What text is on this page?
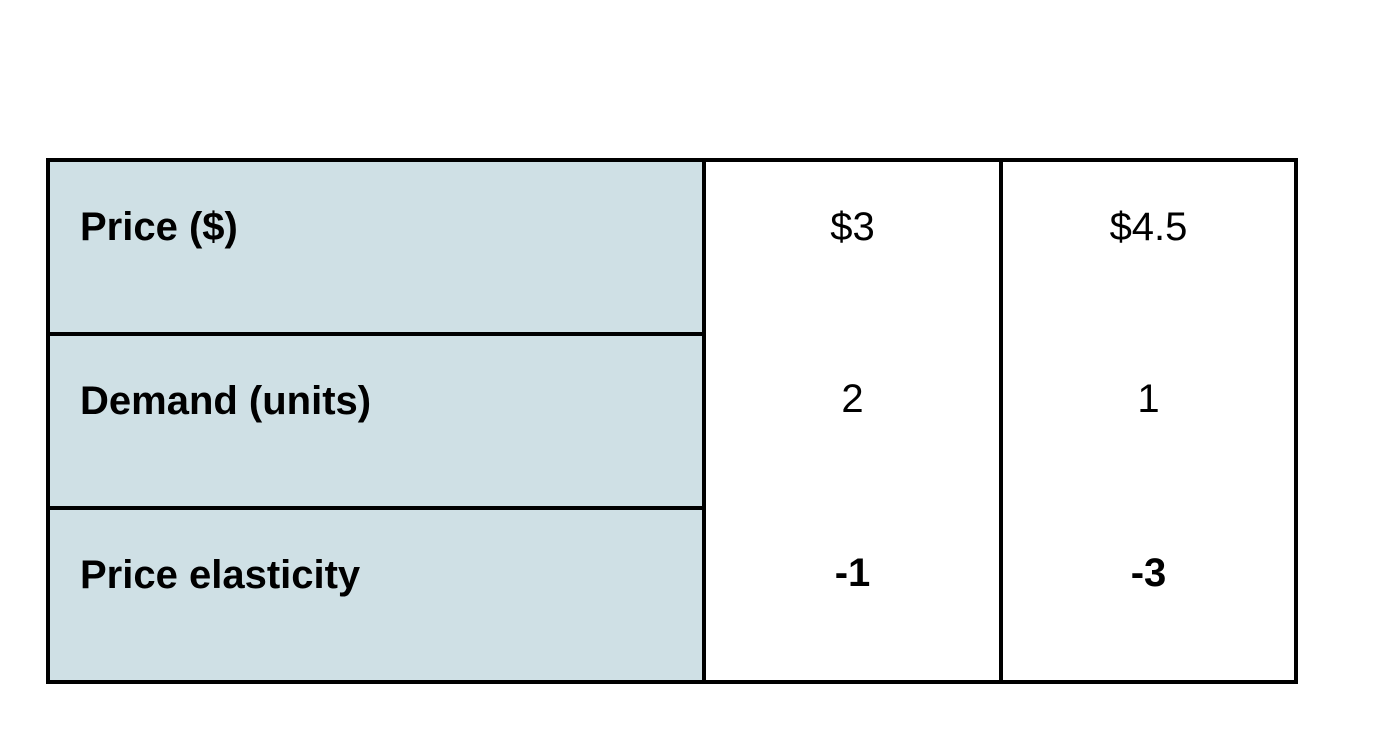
Price ($)	$3	$4.5

Demand (units)	2	1

Price elasticity	-1	-3
